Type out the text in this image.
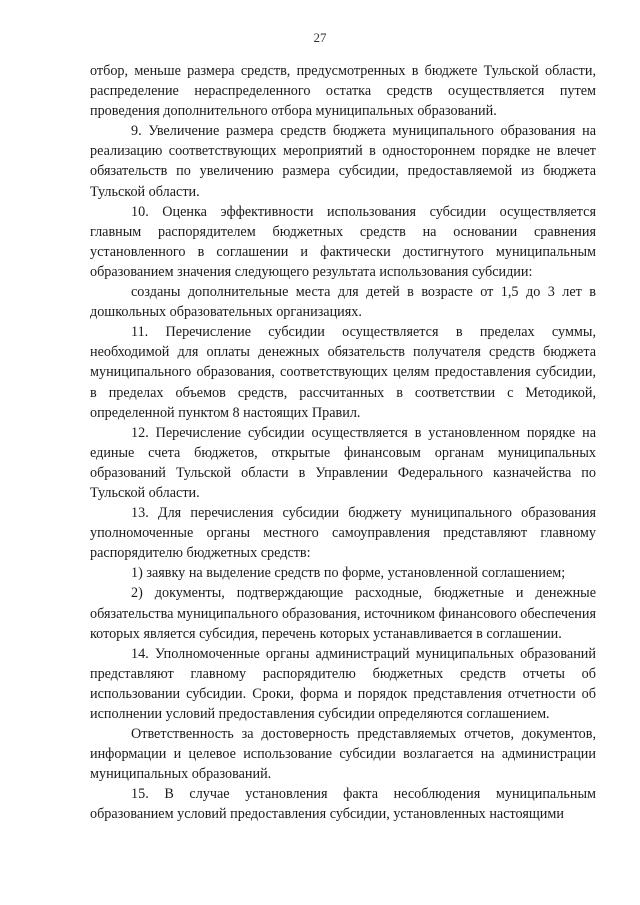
27

отбор, меньше размера средств, предусмотренных в бюджете Тульской области, распределение нераспределенного остатка средств осуществляется путем проведения дополнительного отбора муниципальных образований.

9. Увеличение размера средств бюджета муниципального образования на реализацию соответствующих мероприятий в одностороннем порядке не влечет обязательств по увеличению размера субсидии, предоставляемой из бюджета Тульской области.

10. Оценка эффективности использования субсидии осуществляется главным распорядителем бюджетных средств на основании сравнения установленного в соглашении и фактически достигнутого муниципальным образованием значения следующего результата использования субсидии:

созданы дополнительные места для детей в возрасте от 1,5 до 3 лет в дошкольных образовательных организациях.

11. Перечисление субсидии осуществляется в пределах суммы, необходимой для оплаты денежных обязательств получателя средств бюджета муниципального образования, соответствующих целям предоставления субсидии, в пределах объемов средств, рассчитанных в соответствии с Методикой, определенной пунктом 8 настоящих Правил.

12. Перечисление субсидии осуществляется в установленном порядке на единые счета бюджетов, открытые финансовым органам муниципальных образований Тульской области в Управлении Федерального казначейства по Тульской области.

13. Для перечисления субсидии бюджету муниципального образования уполномоченные органы местного самоуправления представляют главному распорядителю бюджетных средств:

1) заявку на выделение средств по форме, установленной соглашением;

2) документы, подтверждающие расходные, бюджетные и денежные обязательства муниципального образования, источником финансового обеспечения которых является субсидия, перечень которых устанавливается в соглашении.

14. Уполномоченные органы администраций муниципальных образований представляют главному распорядителю бюджетных средств отчеты об использовании субсидии. Сроки, форма и порядок представления отчетности об исполнении условий предоставления субсидии определяются соглашением.

Ответственность за достоверность представляемых отчетов, документов, информации и целевое использование субсидии возлагается на администрации муниципальных образований.

15. В случае установления факта несоблюдения муниципальным образованием условий предоставления субсидии, установленных настоящими
